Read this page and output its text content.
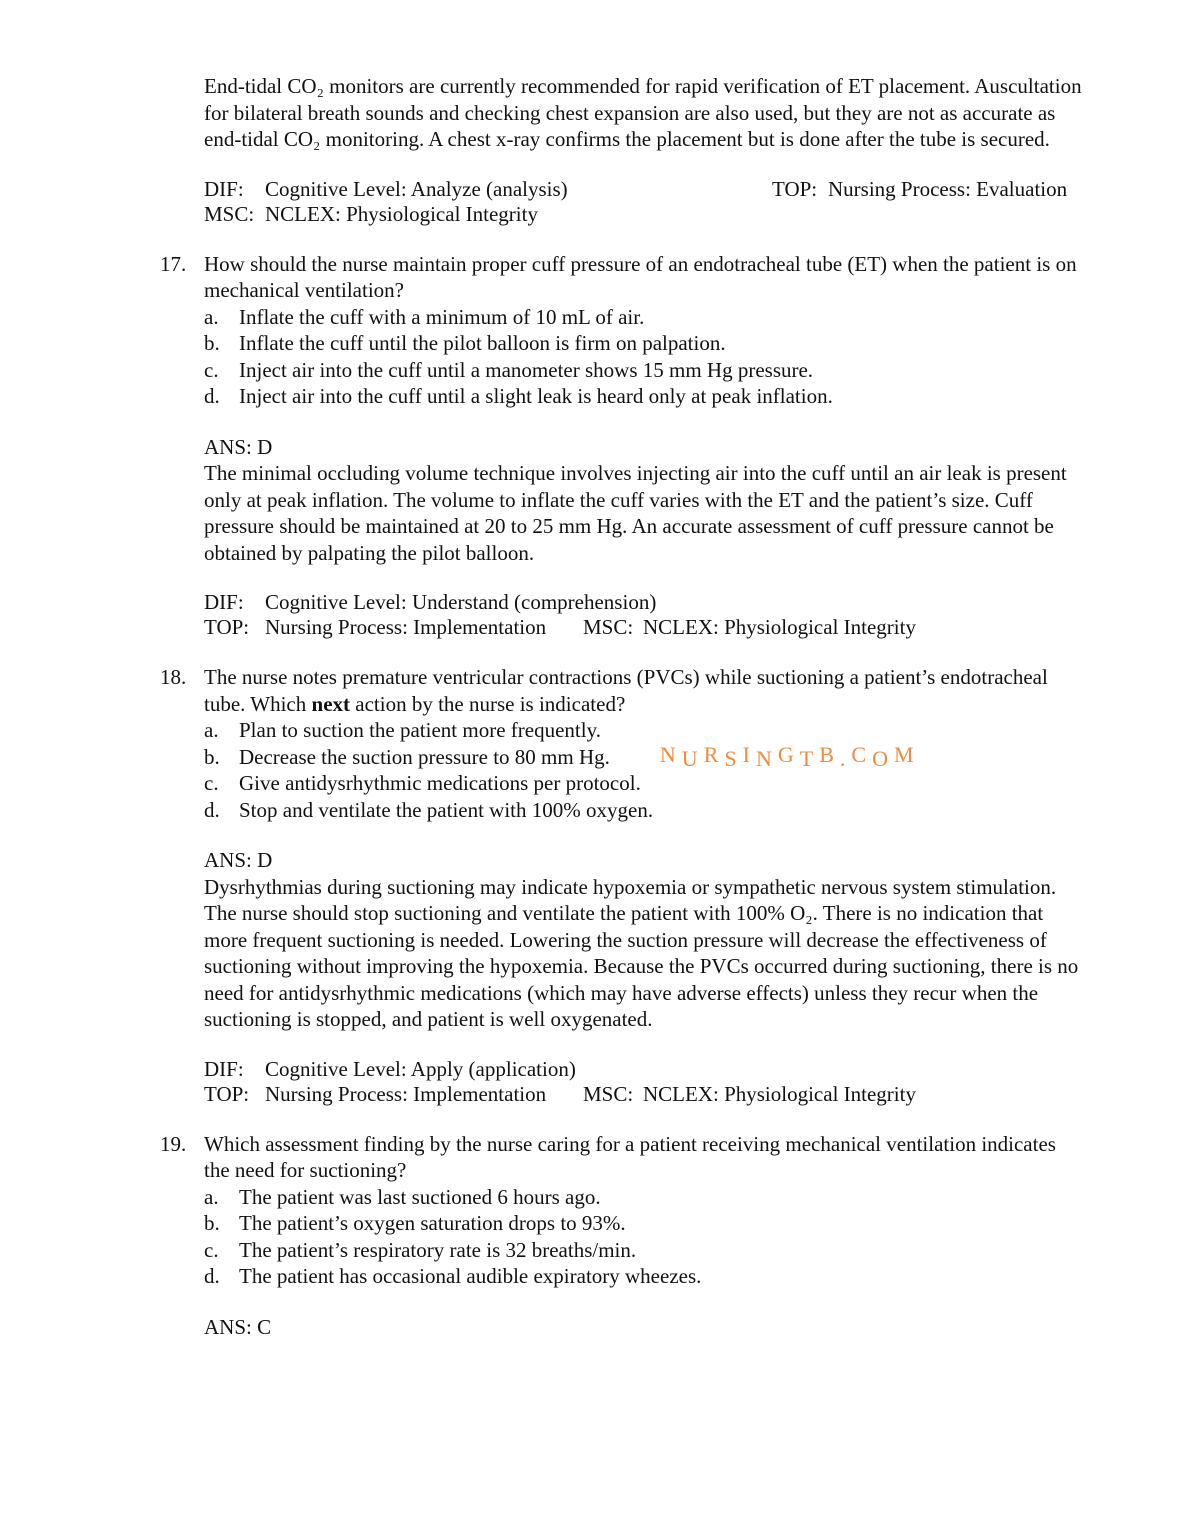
End-tidal CO₂ monitors are currently recommended for rapid verification of ET placement. Auscultation for bilateral breath sounds and checking chest expansion are also used, but they are not as accurate as end-tidal CO₂ monitoring. A chest x-ray confirms the placement but is done after the tube is secured.
DIF:	Cognitive Level: Analyze (analysis)	TOP: Nursing Process: Evaluation
MSC: NCLEX: Physiological Integrity
17. How should the nurse maintain proper cuff pressure of an endotracheal tube (ET) when the patient is on mechanical ventilation?
a. Inflate the cuff with a minimum of 10 mL of air.
b. Inflate the cuff until the pilot balloon is firm on palpation.
c. Inject air into the cuff until a manometer shows 15 mm Hg pressure.
d. Inject air into the cuff until a slight leak is heard only at peak inflation.
ANS: D
The minimal occluding volume technique involves injecting air into the cuff until an air leak is present only at peak inflation. The volume to inflate the cuff varies with the ET and the patient’s size. Cuff pressure should be maintained at 20 to 25 mm Hg. An accurate assessment of cuff pressure cannot be obtained by palpating the pilot balloon.
DIF:	Cognitive Level: Understand (comprehension)
TOP: Nursing Process: Implementation	MSC: NCLEX: Physiological Integrity
18. The nurse notes premature ventricular contractions (PVCs) while suctioning a patient’s endotracheal tube. Which next action by the nurse is indicated?
a. Plan to suction the patient more frequently.
b. Decrease the suction pressure to 80 mm Hg. N U R S I N G T B . C O M
c. Give antidysrhythmic medications per protocol.
d. Stop and ventilate the patient with 100% oxygen.
ANS: D
Dysrhythmias during suctioning may indicate hypoxemia or sympathetic nervous system stimulation. The nurse should stop suctioning and ventilate the patient with 100% O₂. There is no indication that more frequent suctioning is needed. Lowering the suction pressure will decrease the effectiveness of suctioning without improving the hypoxemia. Because the PVCs occurred during suctioning, there is no need for antidysrhythmic medications (which may have adverse effects) unless they recur when the suctioning is stopped, and patient is well oxygenated.
DIF:	Cognitive Level: Apply (application)
TOP: Nursing Process: Implementation	MSC: NCLEX: Physiological Integrity
19. Which assessment finding by the nurse caring for a patient receiving mechanical ventilation indicates the need for suctioning?
a. The patient was last suctioned 6 hours ago.
b. The patient’s oxygen saturation drops to 93%.
c. The patient’s respiratory rate is 32 breaths/min.
d. The patient has occasional audible expiratory wheezes.
ANS: C
